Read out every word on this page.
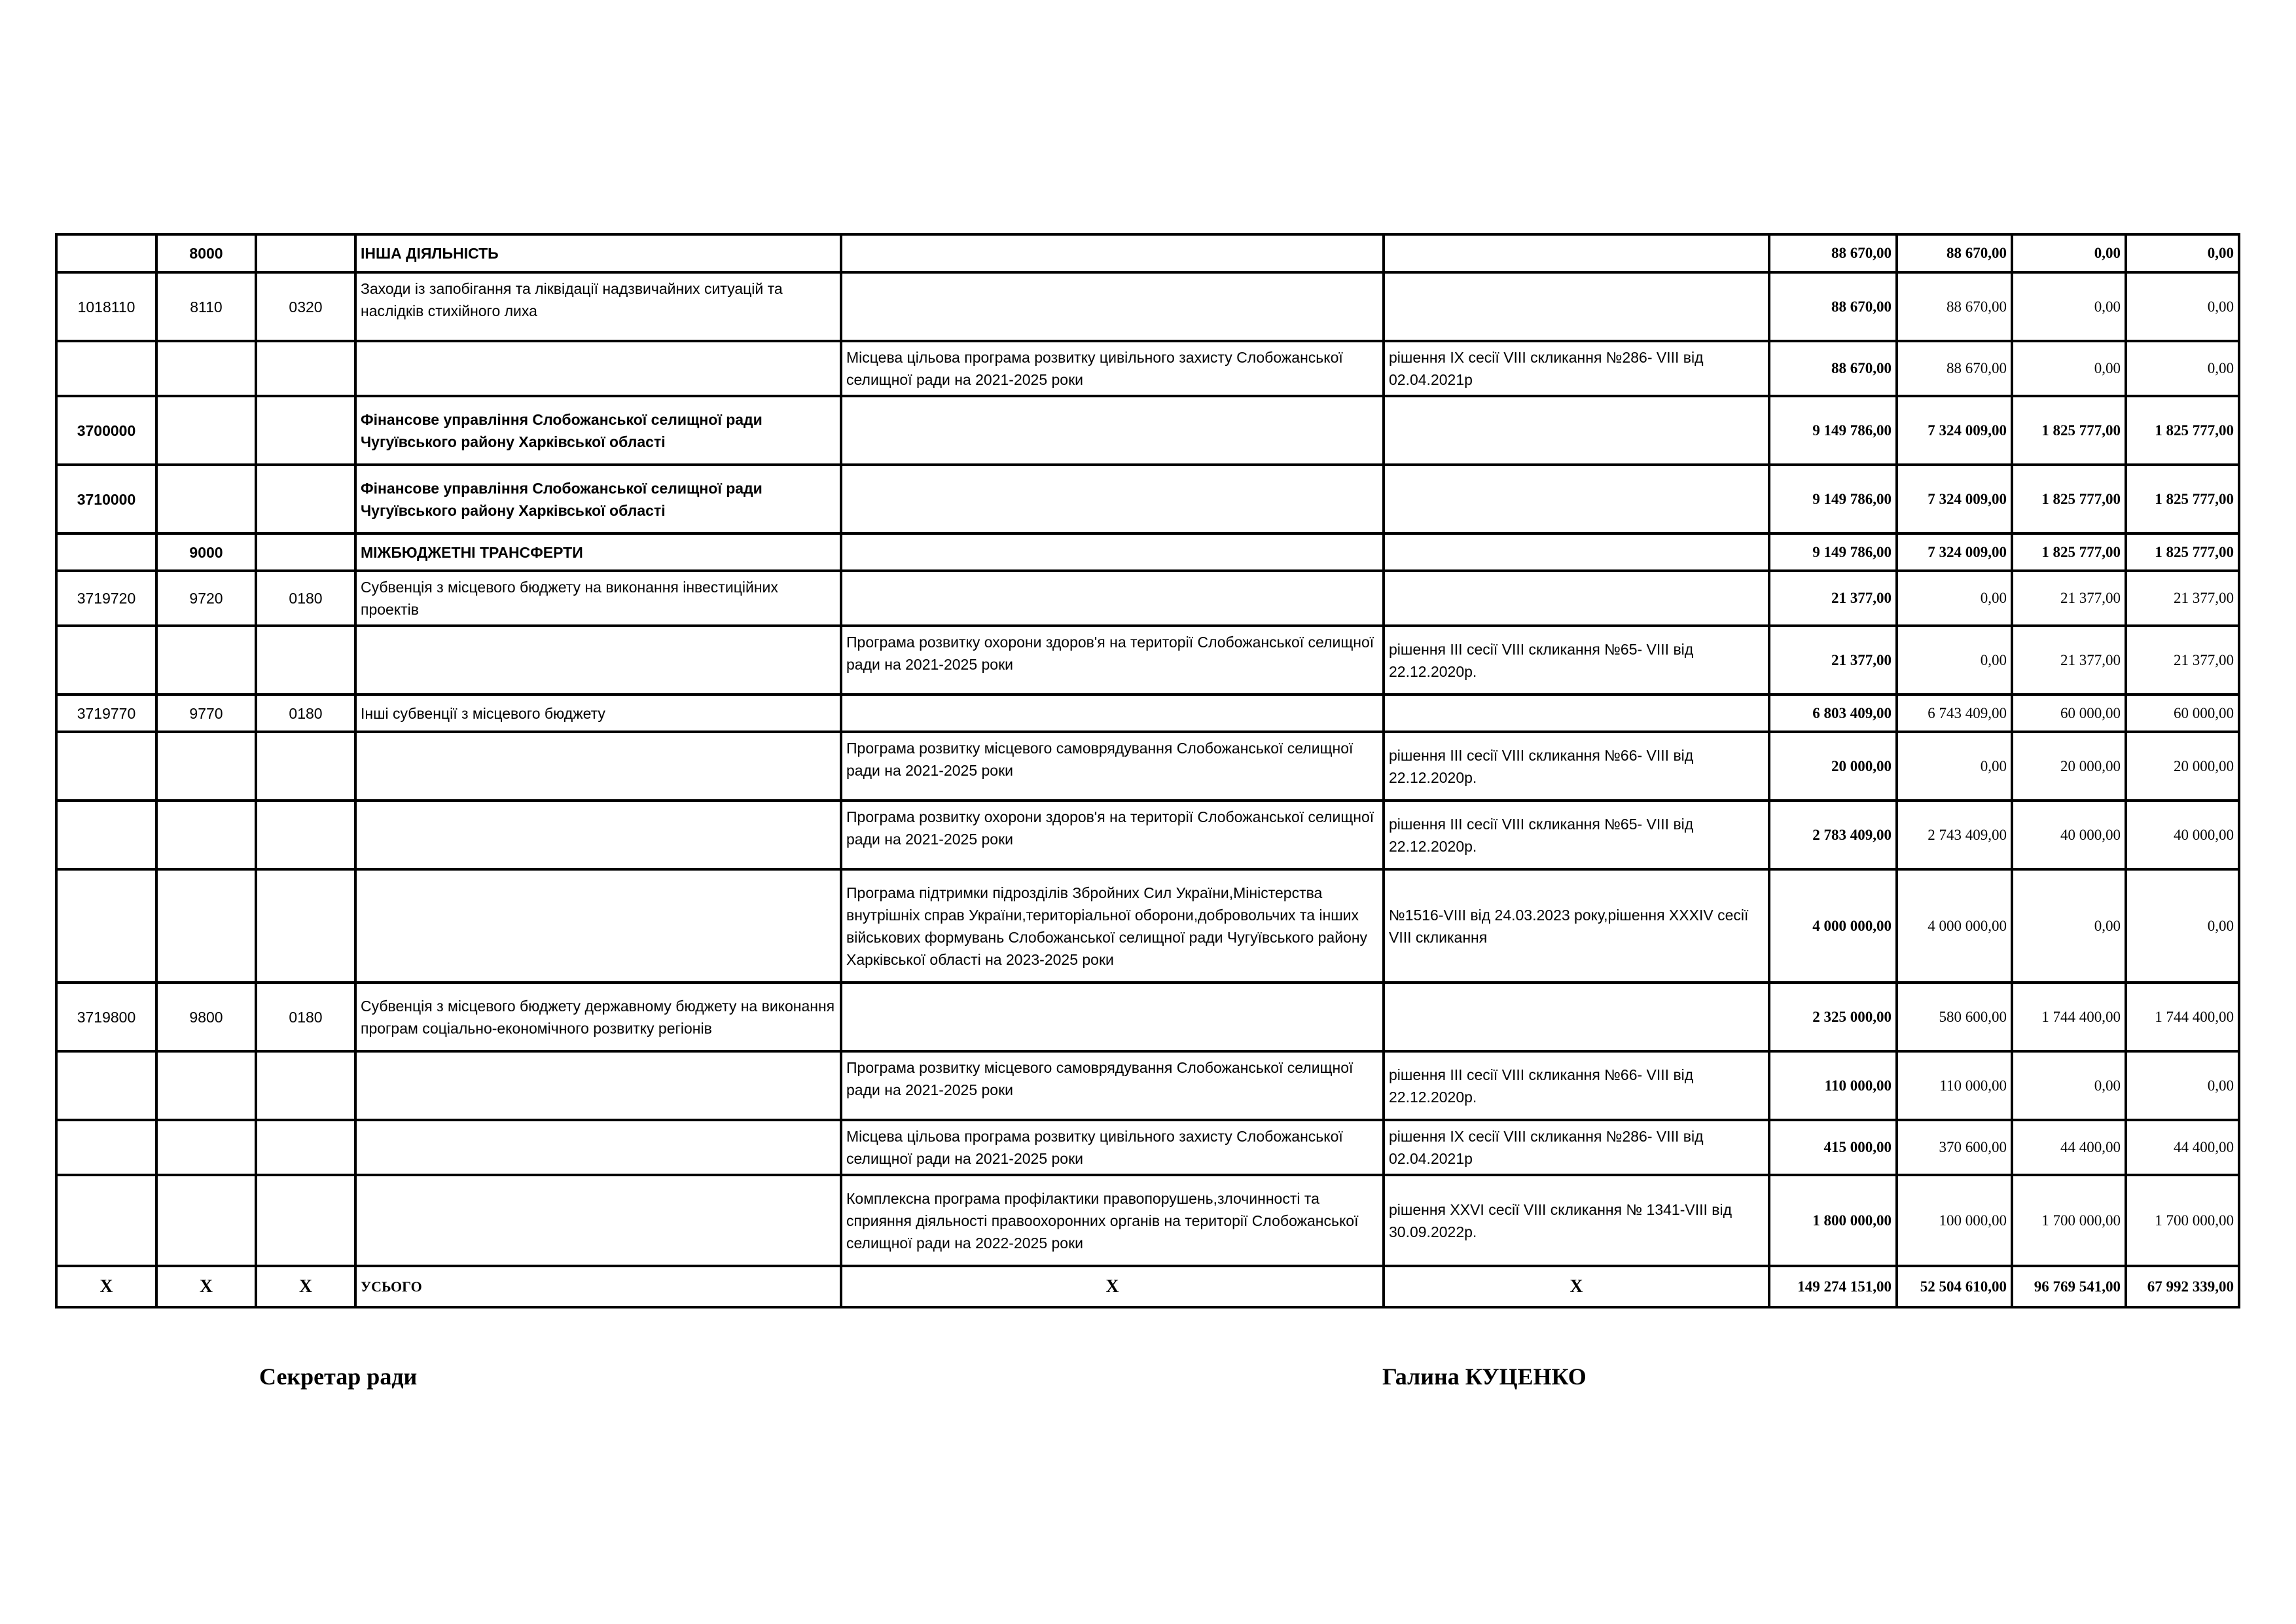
	8000		ІНША ДІЯЛЬНІСТЬ			88 670,00	88 670,00	0,00	0,00
1018110	8110	0320	Заходи із запобігання та ліквідації надзвичайних ситуацій та наслідків стихійного лиха			88 670,00	88 670,00	0,00	0,00
				Місцева цільова програма розвитку цивільного захисту Слобожанської селищної ради на 2021-2025 роки	рішення IX сесії VIII скликання №286- VIII від 02.04.2021р	88 670,00	88 670,00	0,00	0,00
3700000			Фінансове управління Слобожанської селищної ради Чугуївського району Харківської області			9 149 786,00	7 324 009,00	1 825 777,00	1 825 777,00
3710000			Фінансове управління Слобожанської селищної ради Чугуївського району Харківської області			9 149 786,00	7 324 009,00	1 825 777,00	1 825 777,00
	9000		МІЖБЮДЖЕТНІ ТРАНСФЕРТИ			9 149 786,00	7 324 009,00	1 825 777,00	1 825 777,00
3719720	9720	0180	Субвенція з місцевого бюджету на виконання інвестиційних проектів			21 377,00	0,00	21 377,00	21 377,00
				Програма розвитку охорони здоров'я на території Слобожанської селищної ради на 2021-2025 роки	рішення III сесії VIII скликання №65- VIII від 22.12.2020р.	21 377,00	0,00	21 377,00	21 377,00
3719770	9770	0180	Інші субвенції з місцевого бюджету			6 803 409,00	6 743 409,00	60 000,00	60 000,00
				Програма розвитку місцевого самоврядування Слобожанської селищної ради на 2021-2025 роки	рішення III сесії VIII скликання №66- VIII від 22.12.2020р.	20 000,00	0,00	20 000,00	20 000,00
				Програма розвитку охорони здоров'я на території Слобожанської селищної ради на 2021-2025 роки	рішення III сесії VIII скликання №65- VIII від 22.12.2020р.	2 783 409,00	2 743 409,00	40 000,00	40 000,00
				Програма підтримки підрозділів Збройних Сил України,Міністерства внутрішніх справ України,територіальної оборони,добровольчих та інших військових формувань Слобожанської селищної ради Чугуївського району Харківської області на 2023-2025 роки	№1516-VIII від 24.03.2023 року,рішення XXXIV сесії VIII скликання	4 000 000,00	4 000 000,00	0,00	0,00
3719800	9800	0180	Субвенція з місцевого бюджету державному бюджету на виконання програм соціально-економічного розвитку регіонів			2 325 000,00	580 600,00	1 744 400,00	1 744 400,00
				Програма розвитку місцевого самоврядування Слобожанської селищної ради на 2021-2025 роки	рішення III сесії VIII скликання №66- VIII від 22.12.2020р.	110 000,00	110 000,00	0,00	0,00
				Місцева цільова програма розвитку цивільного захисту Слобожанської селищної ради на 2021-2025 роки	рішення IX сесії VIII скликання №286- VIII від 02.04.2021р	415 000,00	370 600,00	44 400,00	44 400,00
				Комплексна програма профілактики правопорушень,злочинності та сприяння діяльності правоохоронних органів на території Слобожанської селищної ради на 2022-2025 роки	рішення XXVI сесії VIII скликання № 1341-VIII від 30.09.2022р.	1 800 000,00	100 000,00	1 700 000,00	1 700 000,00
Х	Х	Х	УСЬОГО	Х	Х	149 274 151,00	52 504 610,00	96 769 541,00	67 992 339,00
Секретар ради	Галина КУЦЕНКО
